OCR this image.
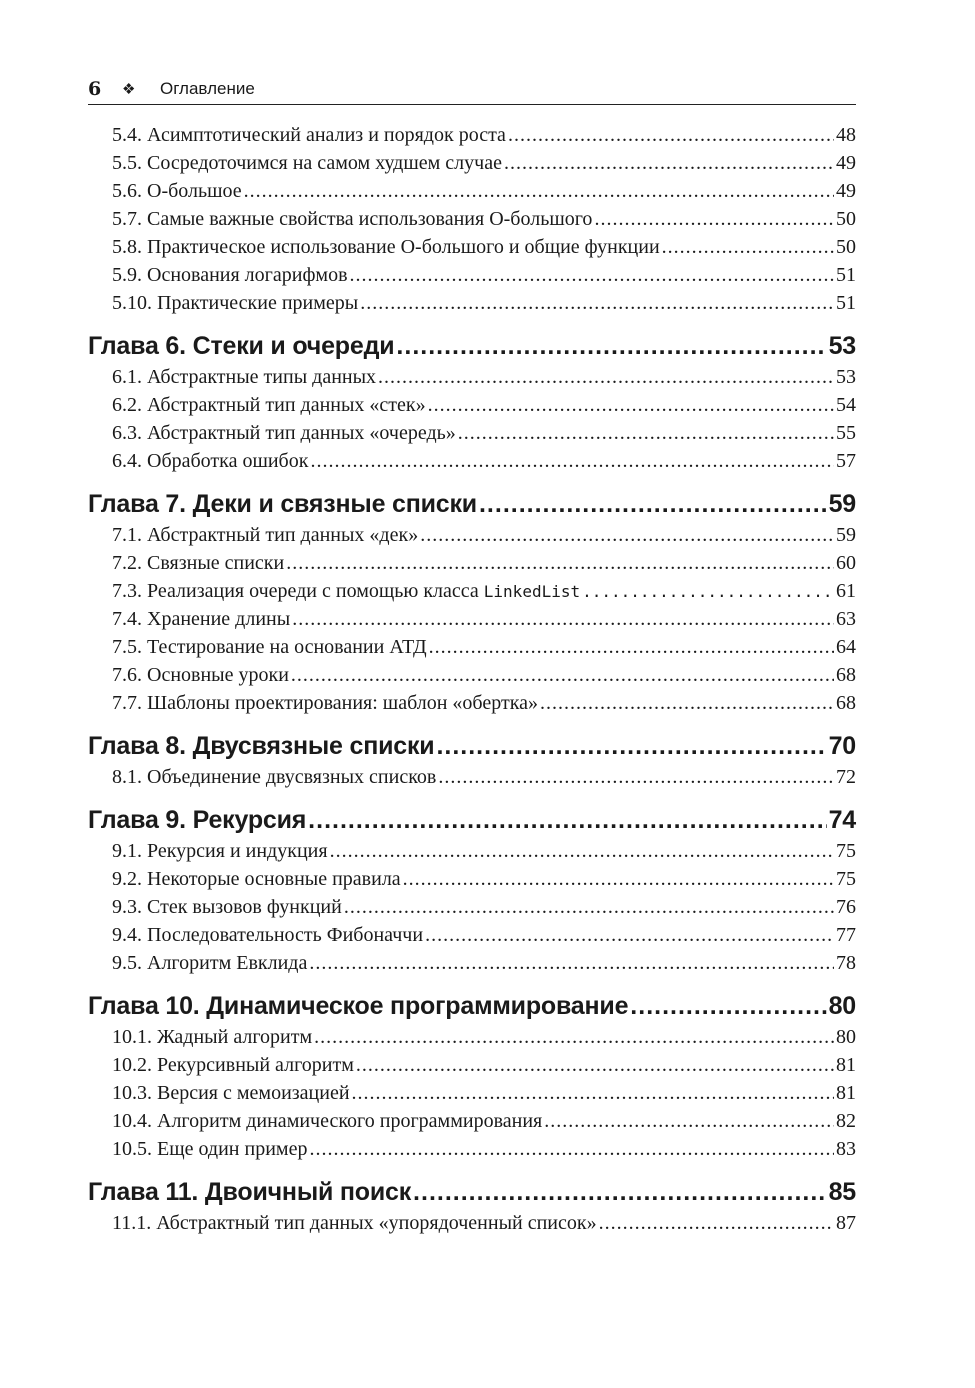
6	❖	Оглавление
5.4. Асимптотический анализ и порядок роста .....	48
5.5. Сосредоточимся на самом худшем случае .....	49
5.6. О-большое .....	49
5.7. Самые важные свойства использования О-большого .....	50
5.8. Практическое использование О-большого и общие функции .....	50
5.9. Основания логарифмов .....	51
5.10. Практические примеры .....	51
Глава 6. Стеки и очереди .....	53
6.1. Абстрактные типы данных .....	53
6.2. Абстрактный тип данных «стек» .....	54
6.3. Абстрактный тип данных «очередь» .....	55
6.4. Обработка ошибок .....	57
Глава 7. Деки и связные списки .....	59
7.1. Абстрактный тип данных «дек» .....	59
7.2. Связные списки .....	60
7.3. Реализация очереди с помощью класса LinkedList .....	61
7.4. Хранение длины .....	63
7.5. Тестирование на основании АТД .....	64
7.6. Основные уроки .....	68
7.7. Шаблоны проектирования: шаблон «обертка» .....	68
Глава 8. Двусвязные списки .....	70
8.1. Объединение двусвязных списков .....	72
Глава 9. Рекурсия .....	74
9.1. Рекурсия и индукция .....	75
9.2. Некоторые основные правила .....	75
9.3. Стек вызовов функций .....	76
9.4. Последовательность Фибоначчи .....	77
9.5. Алгоритм Евклида .....	78
Глава 10. Динамическое программирование .....	80
10.1. Жадный алгоритм .....	80
10.2. Рекурсивный алгоритм .....	81
10.3. Версия с мемоизацией .....	81
10.4. Алгоритм динамического программирования .....	82
10.5. Еще один пример .....	83
Глава 11. Двоичный поиск .....	85
11.1. Абстрактный тип данных «упорядоченный список» .....	87
